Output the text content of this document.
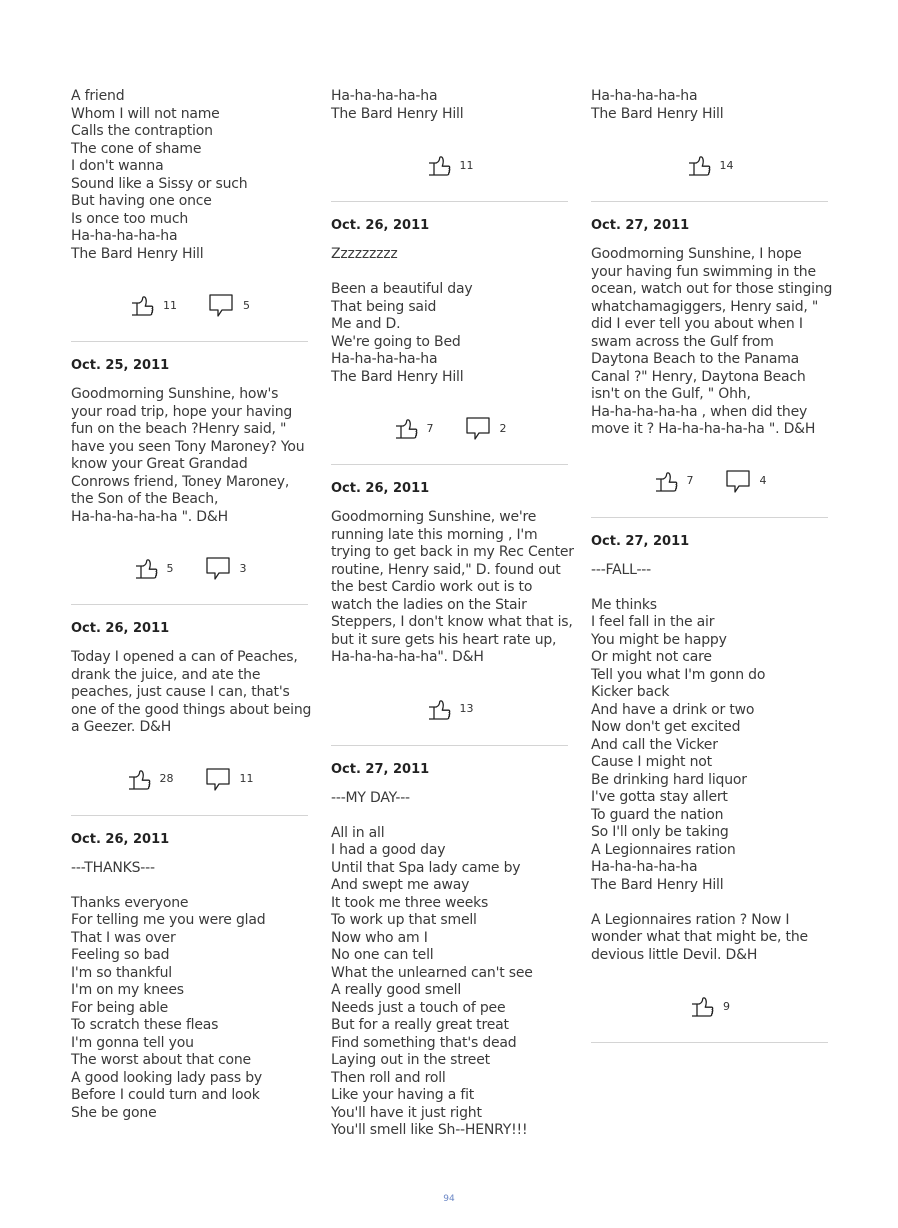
A friend
Whom I will not name
Calls the contraption
The cone of shame
I don't wanna
Sound like a Sissy or such
But having one once
Is once too much
Ha-ha-ha-ha-ha
The Bard Henry Hill

11	5
Oct. 25, 2011

Goodmorning Sunshine, how's
your road trip, hope your having
fun on the beach ?Henry said, "
have you seen Tony Maroney? You
know your Great Grandad
Conrows friend, Toney Maroney,
the Son of the Beach,
Ha-ha-ha-ha-ha ". D&H

5	3
Oct. 26, 2011

Today I opened a can of Peaches,
drank the juice, and ate the
peaches, just cause I can, that's
one of the good things about being
a Geezer. D&H

28	11
Oct. 26, 2011

---THANKS---

Thanks everyone
For telling me you were glad
That I was over
Feeling so bad
I'm so thankful
I'm on my knees
For being able
To scratch these fleas
I'm gonna tell you
The worst about that cone
A good looking lady pass by
Before I could turn and look
She be gone

Ha-ha-ha-ha-ha
The Bard Henry Hill

11
Oct. 26, 2011

Zzzzzzzzz

Been a beautiful day
That being said
Me and D.
We're going to Bed
Ha-ha-ha-ha-ha
The Bard Henry Hill

7	2
Oct. 26, 2011

Goodmorning Sunshine, we're
running late this morning , I'm
trying to get back in my Rec Center
routine, Henry said," D. found out
the best Cardio work out is to
watch the ladies on the Stair
Steppers, I don't know what that is,
but it sure gets his heart rate up,
Ha-ha-ha-ha-ha". D&H

13
Oct. 27, 2011

---MY DAY---

All in all
I had a good day
Until that Spa lady came by
And swept me away
It took me three weeks
To work up that smell
Now who am I
No one can tell
What the unlearned can't see
A really good smell
Needs just a touch of pee
But for a really great treat
Find something that's dead
Laying out in the street
Then roll and roll
Like your having a fit
You'll have it just right
You'll smell like Sh--HENRY!!!

Ha-ha-ha-ha-ha
The Bard Henry Hill

14
Oct. 27, 2011

Goodmorning Sunshine, I hope
your having fun swimming in the
ocean, watch out for those stinging
whatchamagiggers, Henry said, "
did I ever tell you about when I
swam across the Gulf from
Daytona Beach to the Panama
Canal ?" Henry, Daytona Beach
isn't on the Gulf, " Ohh,
Ha-ha-ha-ha-ha , when did they
move it ? Ha-ha-ha-ha-ha ". D&H

7	4
Oct. 27, 2011

---FALL---

Me thinks
I feel fall in the air
You might be happy
Or might not care
Tell you what I'm gonn do
Kicker back
And have a drink or two
Now don't get excited
And call the Vicker
Cause I might not
Be drinking hard liquor
I've gotta stay allert
To guard the nation
So I'll only be taking
A Legionnaires ration
Ha-ha-ha-ha-ha
The Bard Henry Hill

A Legionnaires ration ? Now I
wonder what that might be, the
devious little Devil. D&H

9
94
